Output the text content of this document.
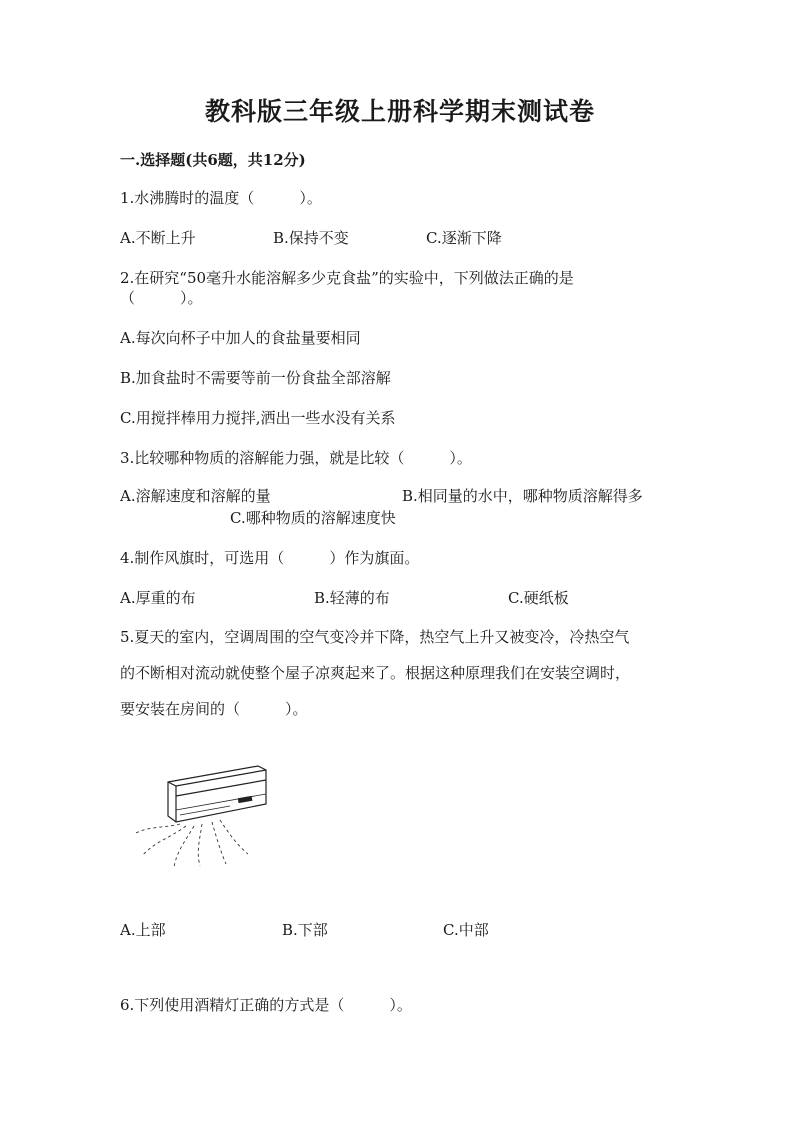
教科版三年级上册科学期末测试卷
一.选择题(共6题，共12分)
1.水沸腾时的温度（　　　）。
A.不断上升	B.保持不变	C.逐渐下降
2.在研究“50毫升水能溶解多少克食盐”的实验中，下列做法正确的是
（　　　）。
A.每次向杯子中加人的食盐量要相同
B.加食盐时不需要等前一份食盐全部溶解
C.用搅拌棒用力搅拌,洒出一些水没有关系
3.比较哪种物质的溶解能力强，就是比较（　　　）。
A.溶解速度和溶解的量	B.相同量的水中，哪种物质溶解得多
C.哪种物质的溶解速度快
4.制作风旗时，可选用（　　　）作为旗面。
A.厚重的布	B.轻薄的布	C.硬纸板
5.夏天的室内，空调周围的空气变冷并下降，热空气上升又被变冷，冷热空气
的不断相对流动就使整个屋子凉爽起来了。根据这种原理我们在安装空调时，
要安装在房间的（　　　）。
A.上部	B.下部	C.中部
6.下列使用酒精灯正确的方式是（　　　）。
